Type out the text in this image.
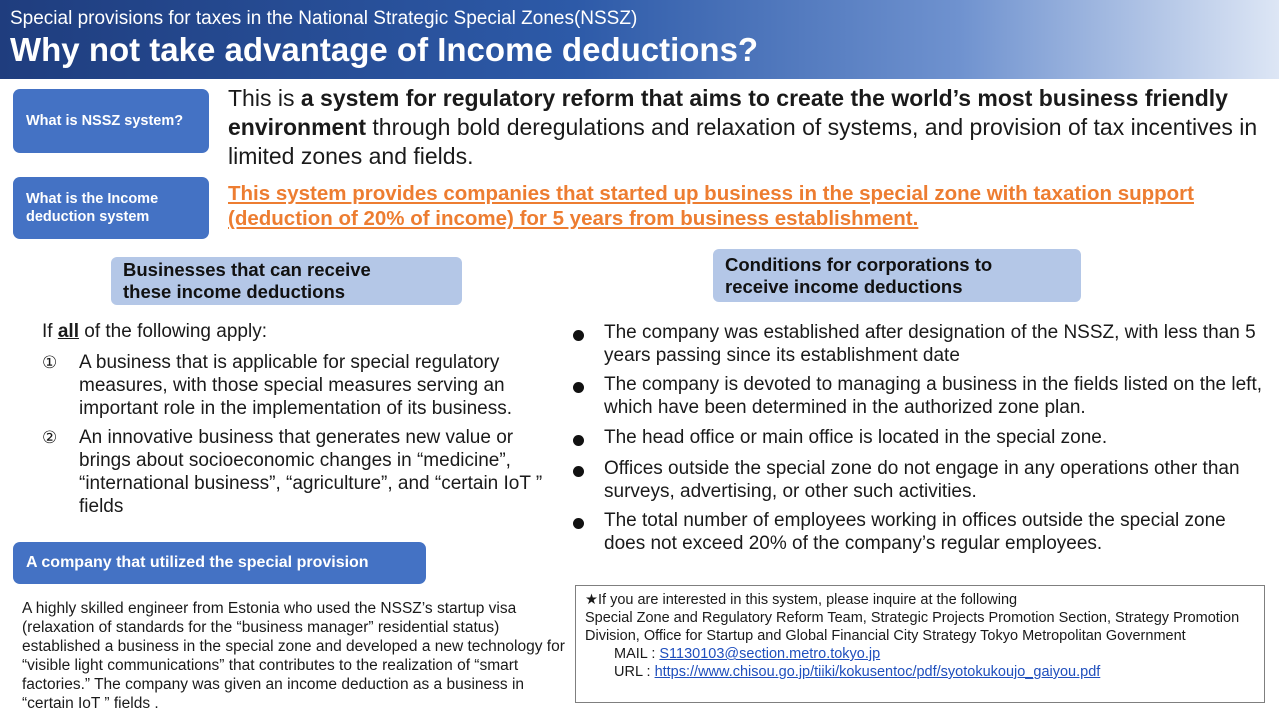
Special provisions for taxes in the National Strategic Special Zones(NSSZ)
Why not take advantage of Income deductions?
What is NSSZ system?
This is a system for regulatory reform that aims to create the world’s most business friendly environment through bold deregulations and relaxation of systems, and provision of tax incentives in limited zones and fields.
What is the Income
deduction system
This system provides companies that started up business in the special zone with taxation support (deduction of 20% of income) for 5 years from business establishment.
Businesses that can receive
these income deductions
Conditions for corporations to
receive income deductions
If all of the following apply:
① A business that is applicable for special regulatory measures, with those special measures serving an important role in the implementation of its business.
② An innovative business that generates new value or brings about socioeconomic changes in “medicine”, “international business”, “agriculture”, and “certain IoT ” fields
The company was established after designation of the NSSZ, with less than 5 years passing since its establishment date
The company is devoted to managing a business in the fields listed on the left, which have been determined in the authorized zone plan.
The head office or main office is located in the special zone.
Offices outside the special zone do not engage in any operations other than surveys, advertising, or other such activities.
The total number of employees working in offices outside the special zone does not exceed 20% of the company’s regular employees.
A company that utilized the special provision
A highly skilled engineer from Estonia who used the NSSZ’s startup visa (relaxation of standards for the “business manager” residential status) established a business in the special zone and developed a new technology for “visible light communications” that contributes to the realization of “smart factories.” The company was given an income deduction as a business in “certain IoT ” fields .
★If you are interested in this system, please inquire at the following
Special Zone and Regulatory Reform Team, Strategic Projects Promotion Section, Strategy Promotion Division, Office for Startup and Global Financial City Strategy Tokyo Metropolitan Government
MAIL : S1130103@section.metro.tokyo.jp
URL : https://www.chisou.go.jp/tiiki/kokusentoc/pdf/syotokukoujo_gaiyou.pdf
